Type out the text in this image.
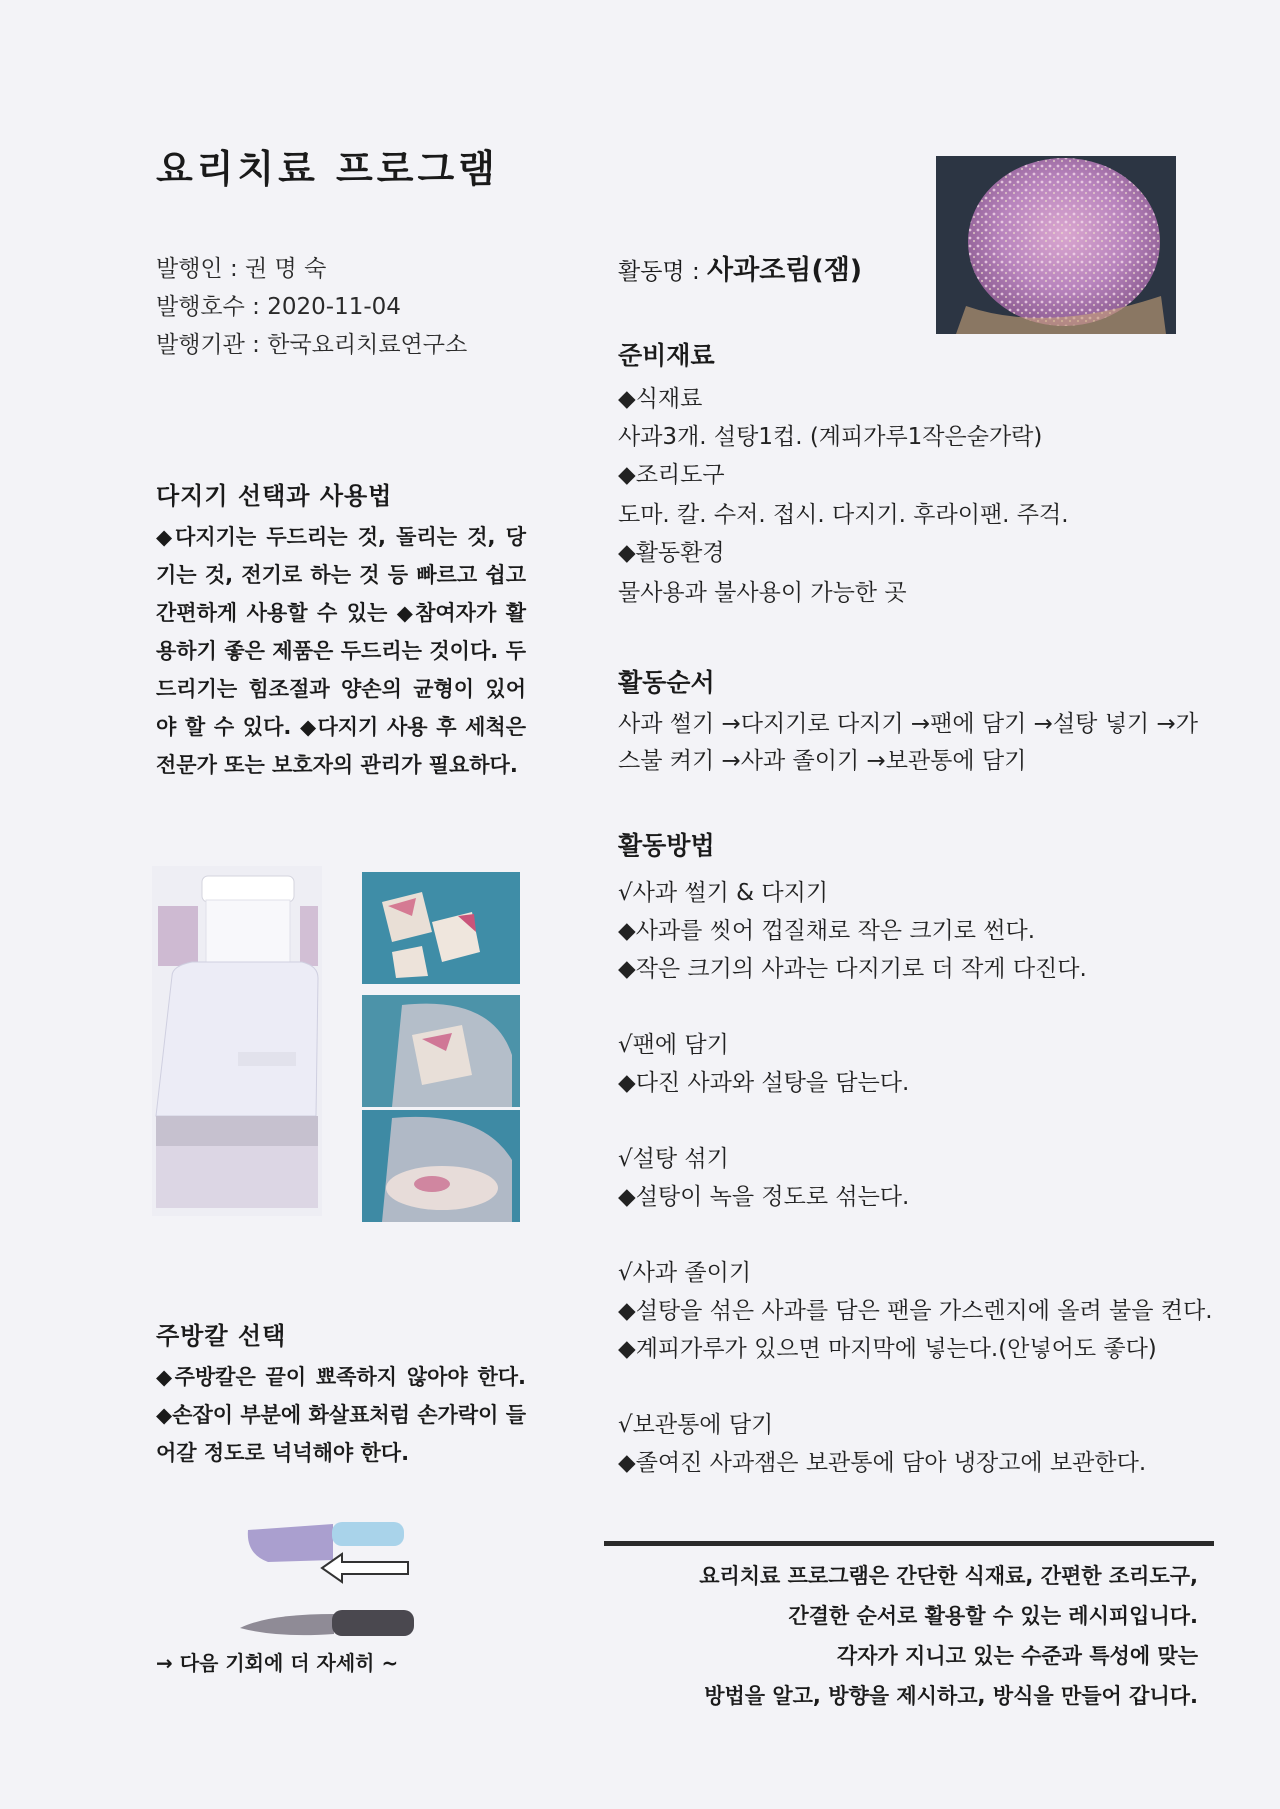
요리치료 프로그램
발행인 : 권 명 숙
발행호수 : 2020-11-04
발행기관 : 한국요리치료연구소
활동명 : 사과조림(잼)
준비재료
◆식재료
사과3개. 설탕1컵. (계피가루1작은숟가락)
◆조리도구
도마. 칼. 수저. 접시. 다지기. 후라이팬. 주걱.
◆활동환경
물사용과 불사용이 가능한 곳
활동순서
사과 썰기 →다지기로 다지기 →팬에 담기 →설탕 넣기 →가스불 켜기 →사과 졸이기 →보관통에 담기
활동방법
√사과 썰기 & 다지기
◆사과를 씻어 껍질채로 작은 크기로 썬다.
◆작은 크기의 사과는 다지기로 더 작게 다진다.
√팬에 담기
◆다진 사과와 설탕을 담는다.
√설탕 섞기
◆설탕이 녹을 정도로 섞는다.
√사과 졸이기
◆설탕을 섞은 사과를 담은 팬을 가스렌지에 올려 불을 켠다.
◆계피가루가 있으면 마지막에 넣는다.(안넣어도 좋다)
√보관통에 담기
◆졸여진 사과잼은 보관통에 담아 냉장고에 보관한다.
다지기 선택과 사용법
◆다지기는 두드리는 것, 돌리는 것, 당기는 것, 전기로 하는 것 등 빠르고 쉽고 간편하게 사용할 수 있는 ◆참여자가 활용하기 좋은 제품은 두드리는 것이다. 두드리기는 힘조절과 양손의 균형이 있어야 할 수 있다. ◆다지기 사용 후 세척은 전문가 또는 보호자의 관리가 필요하다.
주방칼 선택
◆주방칼은 끝이 뾰족하지 않아야 한다. ◆손잡이 부분에 화살표처럼 손가락이 들어갈 정도로 넉넉해야 한다.
→ 다음 기회에 더 자세히 ~
요리치료 프로그램은 간단한 식재료, 간편한 조리도구,
간결한 순서로 활용할 수 있는 레시피입니다.
각자가 지니고 있는 수준과 특성에 맞는
방법을 알고, 방향을 제시하고, 방식을 만들어 갑니다.
